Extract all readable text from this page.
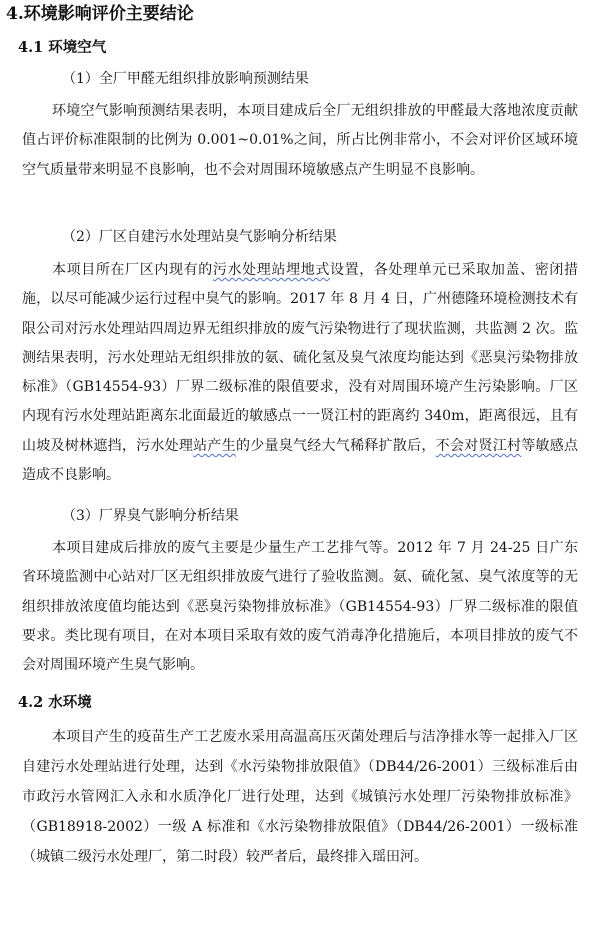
4.环境影响评价主要结论
4.1 环境空气

（1）全厂甲醛无组织排放影响预测结果

环境空气影响预测结果表明，本项目建成后全厂无组织排放的甲醛最大落地浓度贡献值占评价标准限制的比例为 0.001~0.01%之间，所占比例非常小，不会对评价区域环境空气质量带来明显不良影响，也不会对周围环境敏感点产生明显不良影响。

（2）厂区自建污水处理站臭气影响分析结果

本项目所在厂区内现有的污水处理站埋地式设置，各处理单元已采取加盖、密闭措施，以尽可能减少运行过程中臭气的影响。2017 年 8 月 4 日，广州德隆环境检测技术有限公司对污水处理站四周边界无组织排放的废气污染物进行了现状监测，共监测 2 次。监测结果表明，污水处理站无组织排放的氨、硫化氢及臭气浓度均能达到《恶臭污染物排放标准》（GB14554-93）厂界二级标准的限值要求，没有对周围环境产生污染影响。厂区内现有污水处理站距离东北面最近的敏感点一一贤江村的距离约 340m，距离很远，且有山坡及树林遮挡，污水处理站产生的少量臭气经大气稀释扩散后，不会对贤江村等敏感点造成不良影响。

（3）厂界臭气影响分析结果

本项目建成后排放的废气主要是少量生产工艺排气等。2012 年 7 月 24-25 日广东省环境监测中心站对厂区无组织排放废气进行了验收监测。氨、硫化氢、臭气浓度等的无组织排放浓度值均能达到《恶臭污染物排放标准》（GB14554-93）厂界二级标准的限值要求。类比现有项目，在对本项目采取有效的废气消毒净化措施后，本项目排放的废气不会对周围环境产生臭气影响。

4.2 水环境

本项目产生的疫苗生产工艺废水采用高温高压灭菌处理后与洁净排水等一起排入厂区自建污水处理站进行处理，达到《水污染物排放限值》（DB44/26-2001）三级标准后由市政污水管网汇入永和水质净化厂进行处理，达到《城镇污水处理厂污染物排放标准》（GB18918-2002）一级 A 标准和《水污染物排放限值》（DB44/26-2001）一级标准（城镇二级污水处理厂，第二时段）较严者后，最终排入瑶田河。
